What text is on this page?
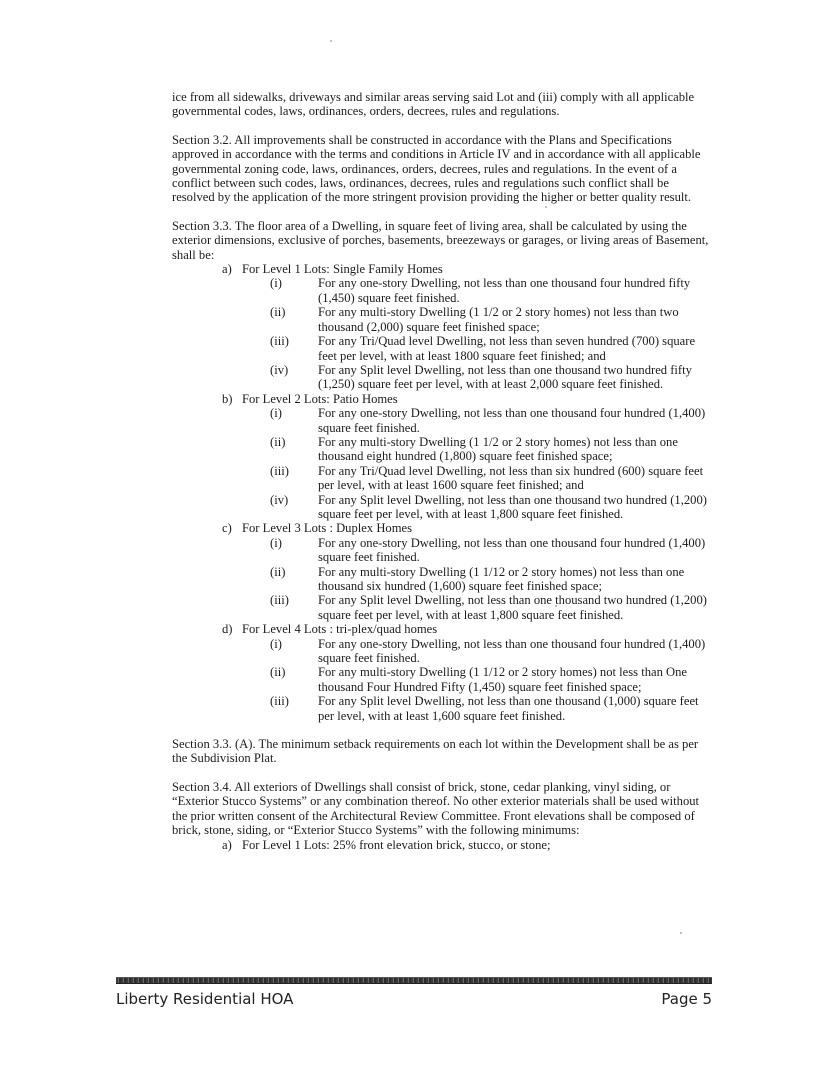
ice from all sidewalks, driveways and similar areas serving said Lot and (iii) comply with all applicable governmental codes, laws, ordinances, orders, decrees, rules and regulations.

Section 3.2. All improvements shall be constructed in accordance with the Plans and Specifications approved in accordance with the terms and conditions in Article IV and in accordance with all applicable governmental zoning code, laws, ordinances, orders, decrees, rules and regulations. In the event of a conflict between such codes, laws, ordinances, decrees, rules and regulations such conflict shall be resolved by the application of the more stringent provision providing the higher or better quality result.

Section 3.3. The floor area of a Dwelling, in square feet of living area, shall be calculated by using the exterior dimensions, exclusive of porches, basements, breezeways or garages, or living areas of Basement, shall be:

a) For Level 1 Lots: Single Family Homes

(i)	For any one-story Dwelling, not less than one thousand four hundred fifty (1,450) square feet finished.

(ii)	For any multi-story Dwelling (1 1/2 or 2 story homes) not less than two thousand (2,000) square feet finished space;

(iii) For any Tri/Quad level Dwelling, not less than seven hundred (700) square feet per level, with at least 1800 square feet finished; and

(iv) For any Split level Dwelling, not less than one thousand two hundred fifty (1,250) square feet per level, with at least 2,000 square feet finished.

b) For Level 2 Lots: Patio Homes

(i)	For any one-story Dwelling, not less than one thousand four hundred (1,400) square feet finished.

(ii)	For any multi-story Dwelling (1 1/2 or 2 story homes) not less than one thousand eight hundred (1,800) square feet finished space;

(iii) For any Tri/Quad level Dwelling, not less than six hundred (600) square feet per level, with at least 1600 square feet finished; and

(iv) For any Split level Dwelling, not less than one thousand two hundred (1,200) square feet per level, with at least 1,800 square feet finished.

c) For Level 3 Lots : Duplex Homes

(i)	For any one-story Dwelling, not less than one thousand four hundred (1,400) square feet finished.

(ii)	For any multi-story Dwelling (1 1/12 or 2 story homes) not less than one thousand six hundred (1,600) square feet finished space;

(iii) For any Split level Dwelling, not less than one thousand two hundred (1,200) square feet per level, with at least 1,800 square feet finished.

d) For Level 4 Lots : tri-plex/quad homes

(i)	For any one-story Dwelling, not less than one thousand four hundred (1,400) square feet finished.

(ii)	For any multi-story Dwelling (1 1/12 or 2 story homes) not less than One thousand Four Hundred Fifty (1,450) square feet finished space;

(iii) For any Split level Dwelling, not less than one thousand (1,000) square feet per level, with at least 1,600 square feet finished.

Section 3.3. (A). The minimum setback requirements on each lot within the Development shall be as per the Subdivision Plat.

Section 3.4. All exteriors of Dwellings shall consist of brick, stone, cedar planking, vinyl siding, or “Exterior Stucco Systems” or any combination thereof. No other exterior materials shall be used without the prior written consent of the Architectural Review Committee. Front elevations shall be composed of brick, stone, siding, or “Exterior Stucco Systems” with the following minimums:

a) For Level 1 Lots: 25% front elevation brick, stucco, or stone;

Liberty Residential HOA	Page 5
